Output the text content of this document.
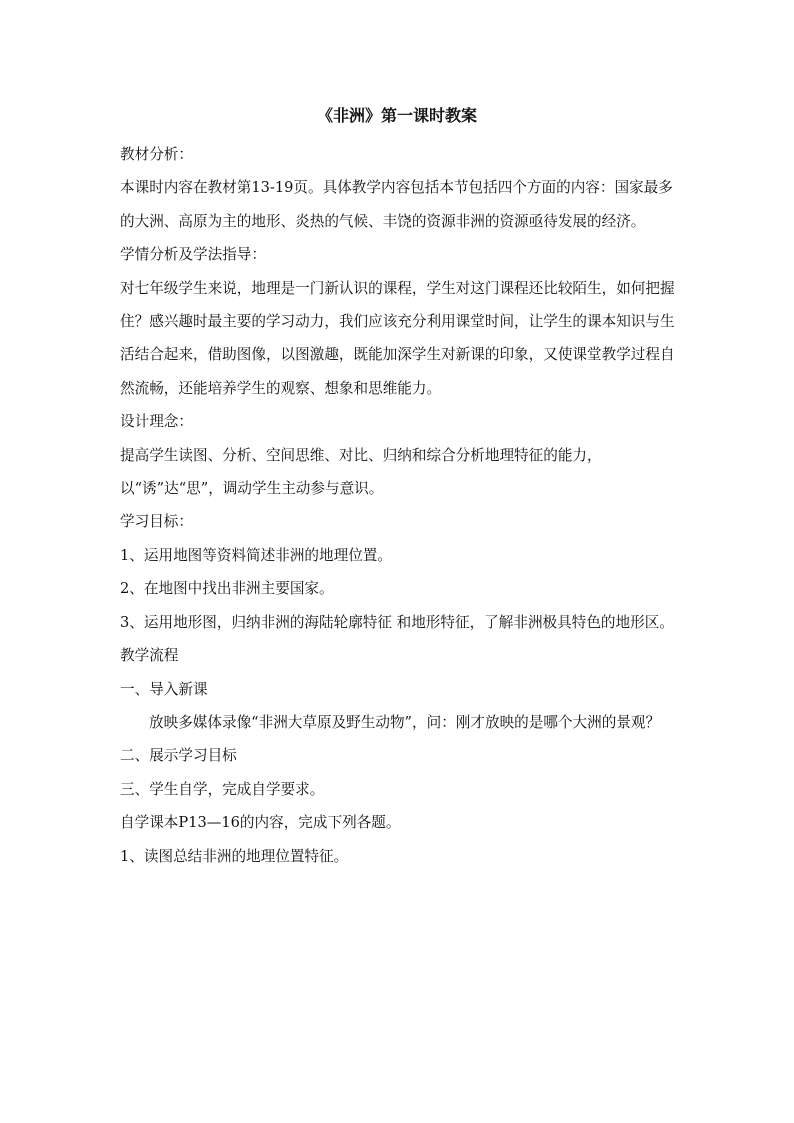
《非洲》第一课时教案

教材分析：

本课时内容在教材第13-19页。具体教学内容包括本节包括四个方面的内容：国家最多的大洲、高原为主的地形、炎热的气候、丰饶的资源非洲的资源亟待发展的经济。

学情分析及学法指导：

对七年级学生来说，地理是一门新认识的课程，学生对这门课程还比较陌生，如何把握住？感兴趣时最主要的学习动力，我们应该充分利用课堂时间，让学生的课本知识与生活结合起来，借助图像，以图激趣，既能加深学生对新课的印象，又使课堂教学过程自然流畅，还能培养学生的观察、想象和思维能力。

设计理念：

提高学生读图、分析、空间思维、对比、归纳和综合分析地理特征的能力，以“诱”达“思”，调动学生主动参与意识。

学习目标：

1、运用地图等资料简述非洲的地理位置。

2、在地图中找出非洲主要国家。

3、运用地形图，归纳非洲的海陆轮廓特征 和地形特征，了解非洲极具特色的地形区。

教学流程

一、导入新课

放映多媒体录像“非洲大草原及野生动物”，问：刚才放映的是哪个大洲的景观？

二、展示学习目标

三、学生自学，完成自学要求。

自学课本P13—16的内容，完成下列各题。

1、读图总结非洲的地理位置特征。
